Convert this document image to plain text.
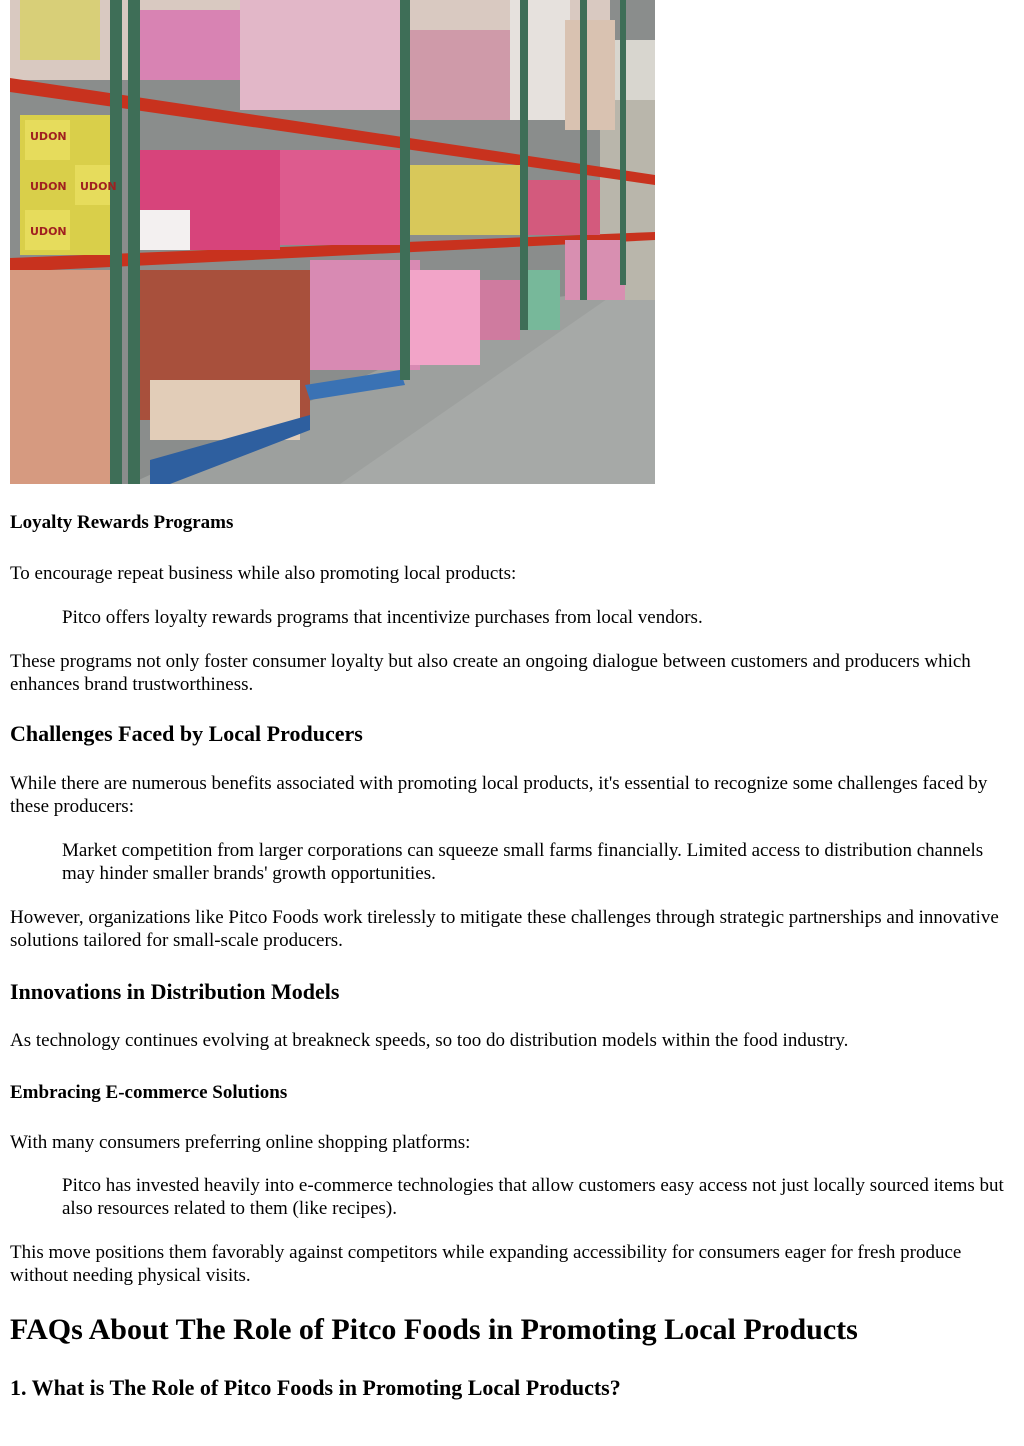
UDON
UDON UDON
UDON
Loyalty Rewards Programs

To encourage repeat business while also promoting local products:

Pitco offers loyalty rewards programs that incentivize purchases from local vendors.

These programs not only foster consumer loyalty but also create an ongoing dialogue between customers and producers which enhances brand trustworthiness.

Challenges Faced by Local Producers

While there are numerous benefits associated with promoting local products, it's essential to recognize some challenges faced by these producers:

Market competition from larger corporations can squeeze small farms financially. Limited access to distribution channels may hinder smaller brands' growth opportunities.

However, organizations like Pitco Foods work tirelessly to mitigate these challenges through strategic partnerships and innovative solutions tailored for small-scale producers.

Innovations in Distribution Models

As technology continues evolving at breakneck speeds, so too do distribution models within the food industry.

Embracing E-commerce Solutions

With many consumers preferring online shopping platforms:

Pitco has invested heavily into e-commerce technologies that allow customers easy access not just locally sourced items but also resources related to them (like recipes).

This move positions them favorably against competitors while expanding accessibility for consumers eager for fresh produce without needing physical visits.

FAQs About The Role of Pitco Foods in Promoting Local Products
1. What is The Role of Pitco Foods in Promoting Local Products?
